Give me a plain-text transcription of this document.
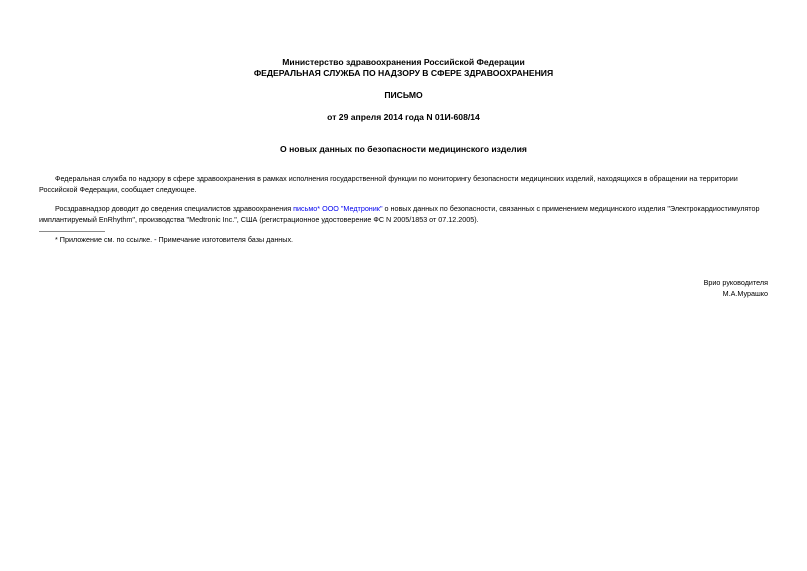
Министерство здравоохранения Российской Федерации
ФЕДЕРАЛЬНАЯ СЛУЖБА ПО НАДЗОРУ В СФЕРЕ ЗДРАВООХРАНЕНИЯ
ПИСЬМО
от 29 апреля 2014 года N 01И-608/14
О новых данных по безопасности медицинского изделия
Федеральная служба по надзору в сфере здравоохранения в рамках исполнения государственной функции по мониторингу безопасности медицинских изделий, находящихся в обращении на территории Российской Федерации, сообщает следующее.
Росздравнадзор доводит до сведения специалистов здравоохранения письмо* ООО "Медтроник" о новых данных по безопасности, связанных с применением медицинского изделия "Электрокардиостимулятор имплантируемый EnRhythm", производства "Medtronic Inc.", США (регистрационное удостоверение ФС N 2005/1853 от 07.12.2005).
* Приложение см. по ссылке. - Примечание изготовителя базы данных.
Врио руководителя
М.А.Мурашко
